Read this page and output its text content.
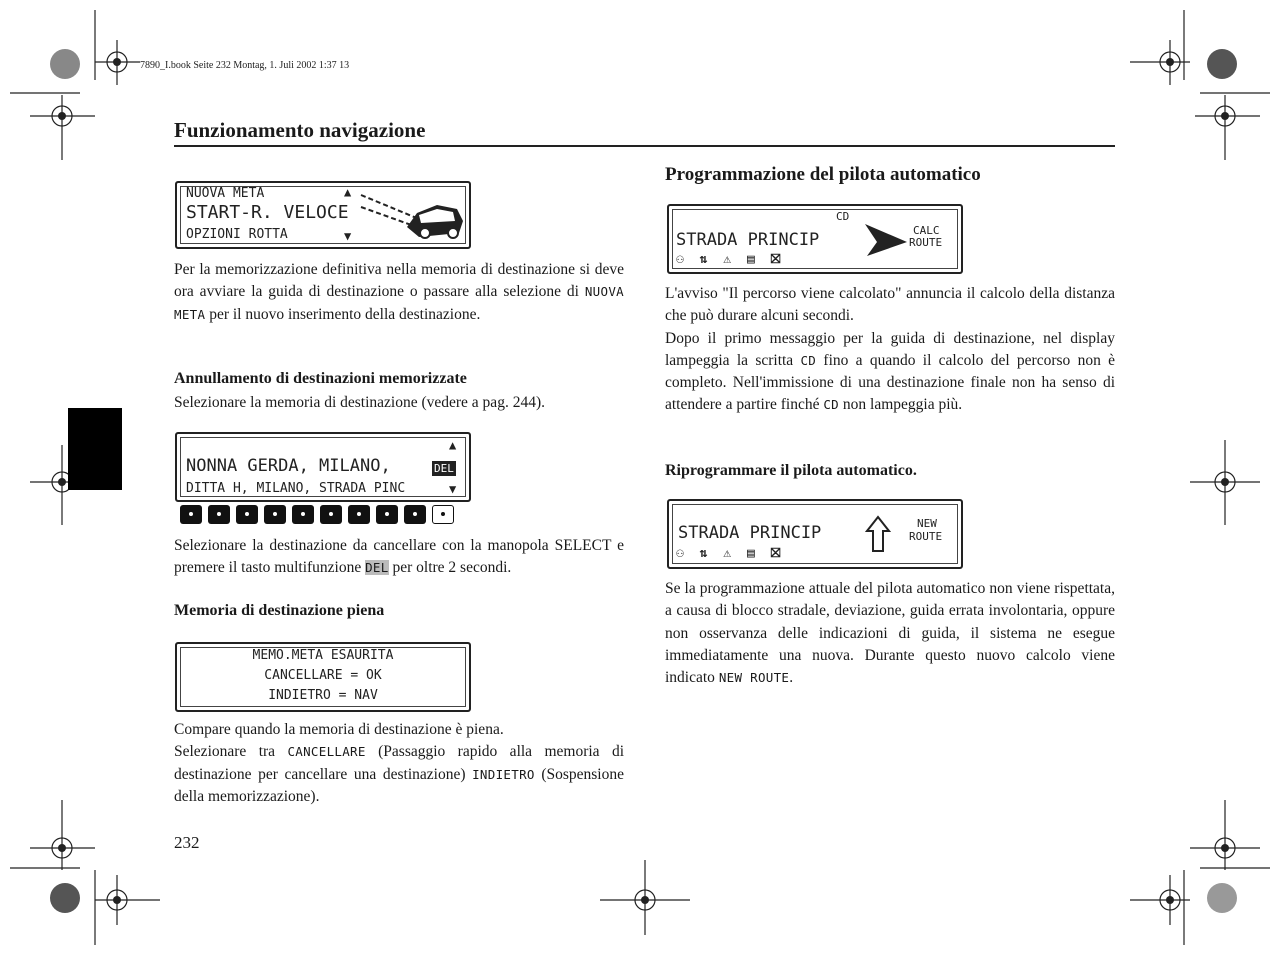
7890_I.book Seite 232 Montag, 1. Juli 2002 1:37 13
Funzionamento navigazione
NUOVA META
START-R. VELOCE
OPZIONI ROTTA
▲
▼

Per la memorizzazione definitiva nella memoria di destinazione si deve ora avviare la guida di destinazione o passare alla selezione di NUOVA META per il nuovo inserimento della destinazione.

Annullamento di destinazioni memorizzate
Selezionare la memoria di destinazione (vedere a pag. 244).
▲
NONNA GERDA, MILANO,	DEL
DITTA H, MILANO, STRADA PINC	▼

Selezionare la destinazione da cancellare con la manopola SELECT e premere il tasto multifunzione DEL per oltre 2 secondi.

Memoria di destinazione piena
MEMO.META ESAURITA
CANCELLARE = OK
INDIETRO = NAV

Compare quando la memoria di destinazione è piena.

Selezionare tra CANCELLARE (Passaggio rapido alla memoria di destinazione per cancellare una destinazione) INDIETRO (Sospensione della memorizzazione).

232
Programmazione del pilota automatico
CD
STRADA PRINCIP
⚇ ⇅ ⚠ ▤ ⛝
CALC
ROUTE

L'avviso "Il percorso viene calcolato" annuncia il calcolo della distanza che può durare alcuni secondi.

Dopo il primo messaggio per la guida di destinazione, nel display lampeggia la scritta CD fino a quando il calcolo del percorso non è completo. Nell'immissione di una destinazione finale non ha senso di attendere a partire finché CD non lampeggia più.

Riprogrammare il pilota automatico.
STRADA PRINCIP
⚇ ⇅ ⚠ ▤ ⛝
NEW
ROUTE

Se la programmazione attuale del pilota automatico non viene rispettata, a causa di blocco stradale, deviazione, guida errata involontaria, oppure non osservanza delle indicazioni di guida, il sistema ne esegue immediatamente una nuova. Durante questo nuovo calcolo viene indicato NEW ROUTE.
